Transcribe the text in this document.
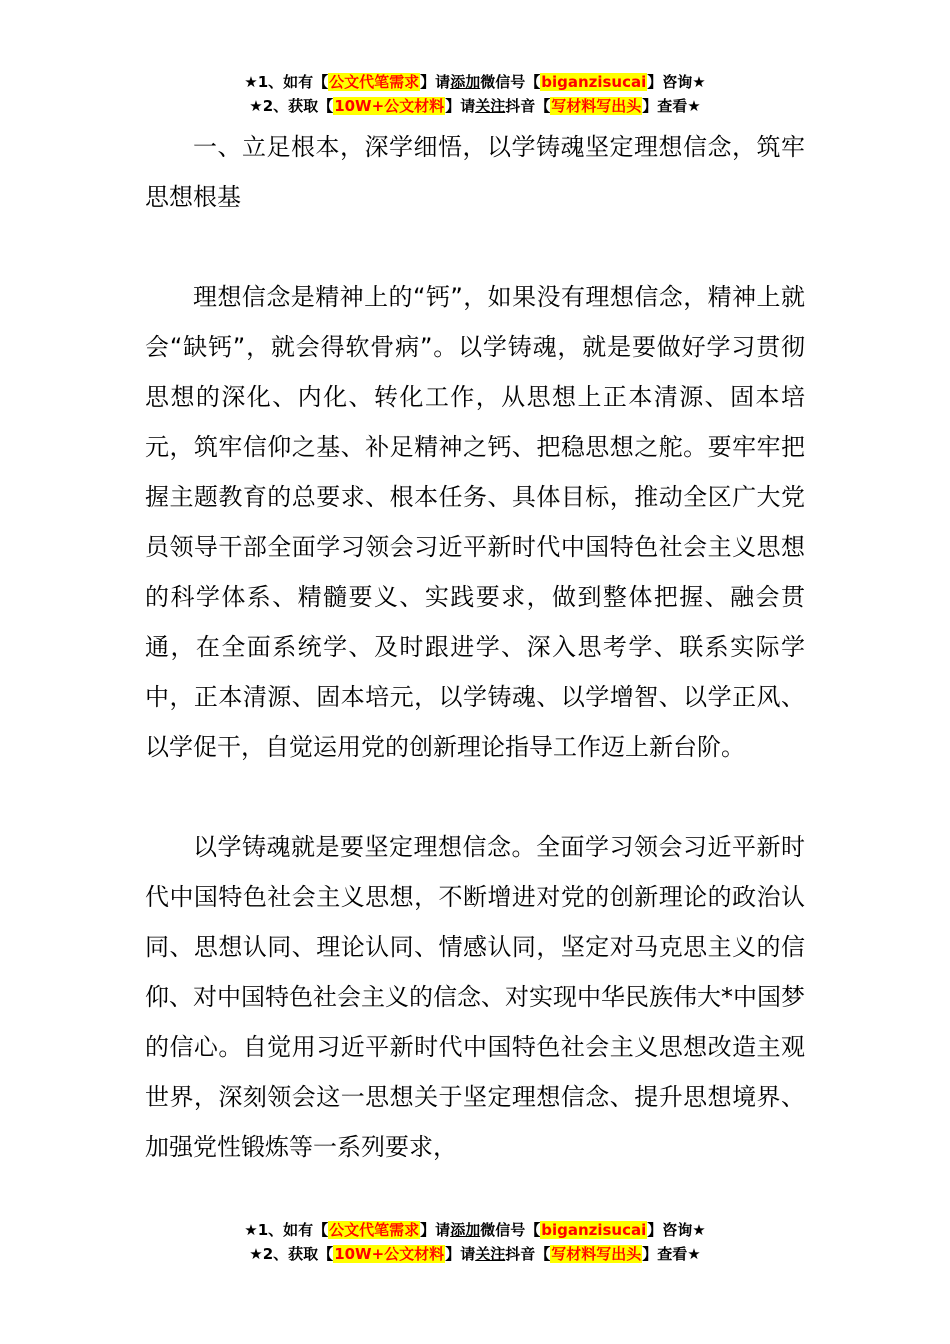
★1、如有【公文代笔需求】请添加微信号【biganzisucai】咨询★
★2、获取【10W+公文材料】请关注抖音【写材料写出头】查看★

一、立足根本，深学细悟，以学铸魂坚定理想信念，筑牢思想根基

理想信念是精神上的“钙”，如果没有理想信念，精神上就会“缺钙”，就会得软骨病”。以学铸魂，就是要做好学习贯彻思想的深化、内化、转化工作，从思想上正本清源、固本培元，筑牢信仰之基、补足精神之钙、把稳思想之舵。要牢牢把握主题教育的总要求、根本任务、具体目标，推动全区广大党员领导干部全面学习领会习近平新时代中国特色社会主义思想的科学体系、精髓要义、实践要求，做到整体把握、融会贯通，在全面系统学、及时跟进学、深入思考学、联系实际学中，正本清源、固本培元，以学铸魂、以学增智、以学正风、以学促干，自觉运用党的创新理论指导工作迈上新台阶。

以学铸魂就是要坚定理想信念。全面学习领会习近平新时代中国特色社会主义思想，不断增进对党的创新理论的政治认同、思想认同、理论认同、情感认同，坚定对马克思主义的信仰、对中国特色社会主义的信念、对实现中华民族伟大*中国梦的信心。自觉用习近平新时代中国特色社会主义思想改造主观世界，深刻领会这一思想关于坚定理想信念、提升思想境界、加强党性锻炼等一系列要求，

★1、如有【公文代笔需求】请添加微信号【biganzisucai】咨询★
★2、获取【10W+公文材料】请关注抖音【写材料写出头】查看★
